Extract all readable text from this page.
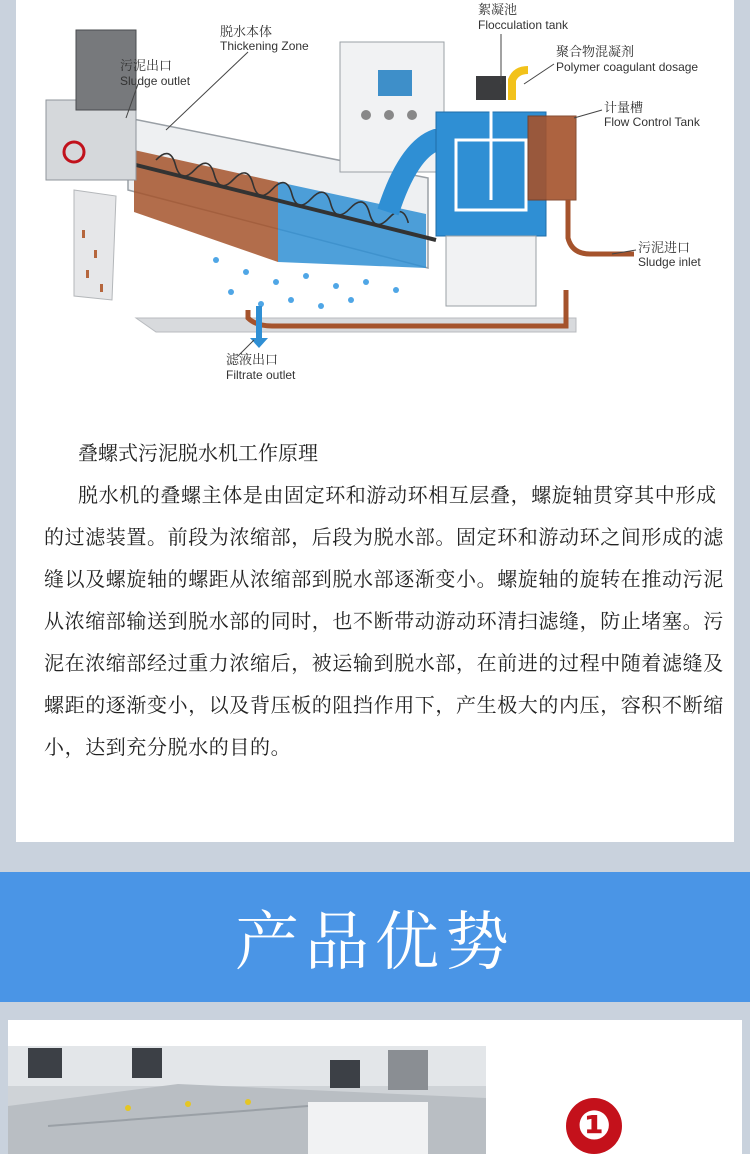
絮凝池
Flocculation tank
脱水本体
Thickening Zone	聚合物混凝剂
Polymer coagulant dosage
污泥出口
Sludge outlet
计量槽
Flow Control Tank
污泥进口
Sludge inlet
滤液出口
Filtrate outlet

叠螺式污泥脱水机工作原理

脱水机的叠螺主体是由固定环和游动环相互层叠，螺旋轴贯穿其中形成的过滤装置。前段为浓缩部，后段为脱水部。固定环和游动环之间形成的滤缝以及螺旋轴的螺距从浓缩部到脱水部逐渐变小。螺旋轴的旋转在推动污泥从浓缩部输送到脱水部的同时，也不断带动游动环清扫滤缝，防止堵塞。污泥在浓缩部经过重力浓缩后，被运输到脱水部，在前进的过程中随着滤缝及螺距的逐渐变小，以及背压板的阻挡作用下，产生极大的内压，容积不断缩小，达到充分脱水的目的。

产品优势
❶
